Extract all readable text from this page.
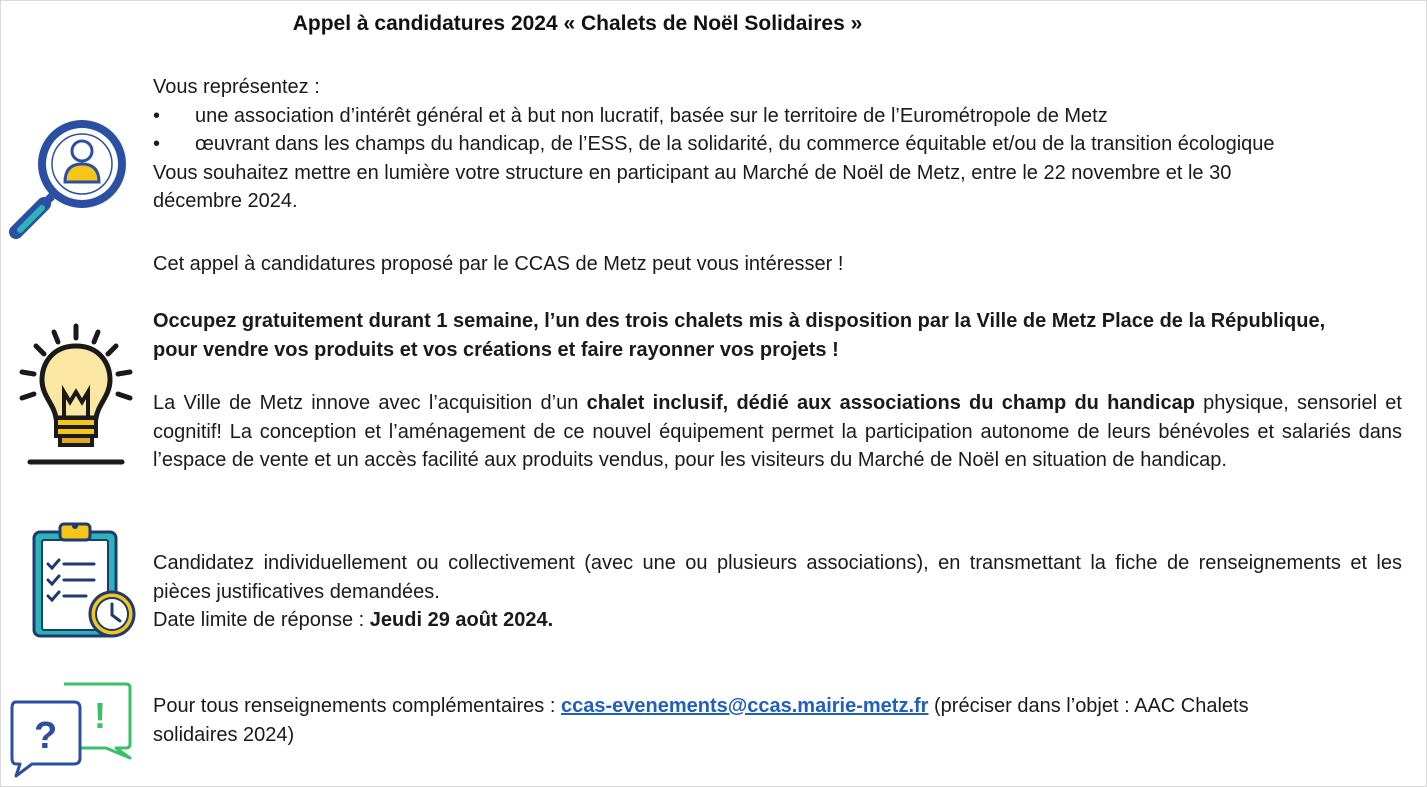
Appel à candidatures 2024 « Chalets de Noël Solidaires »
!
?
Vous représentez :
• une association d’intérêt général et à but non lucratif, basée sur le territoire de l’Eurométropole de Metz
• œuvrant dans les champs du handicap, de l’ESS, de la solidarité, du commerce équitable et/ou de la transition écologique
Vous souhaitez mettre en lumière votre structure en participant au Marché de Noël de Metz, entre le 22 novembre et le 30
décembre 2024.
Cet appel à candidatures proposé par le CCAS de Metz peut vous intéresser !
Occupez gratuitement durant 1 semaine, l’un des trois chalets mis à disposition par la Ville de Metz Place de la République,
pour vendre vos produits et vos créations et faire rayonner vos projets !
La Ville de Metz innove avec l’acquisition d’un chalet inclusif, dédié aux associations du champ du handicap physique, sensoriel et cognitif! La conception et l’aménagement de ce nouvel équipement permet la participation autonome de leurs bénévoles et salariés dans l’espace de vente et un accès facilité aux produits vendus, pour les visiteurs du Marché de Noël en situation de handicap.
Candidatez individuellement ou collectivement (avec une ou plusieurs associations), en transmettant la fiche de renseignements et les pièces justificatives demandées.
Date limite de réponse : Jeudi 29 août 2024.
Pour tous renseignements complémentaires : ccas-evenements@ccas.mairie-metz.fr (préciser dans l’objet : AAC Chalets solidaires 2024)
